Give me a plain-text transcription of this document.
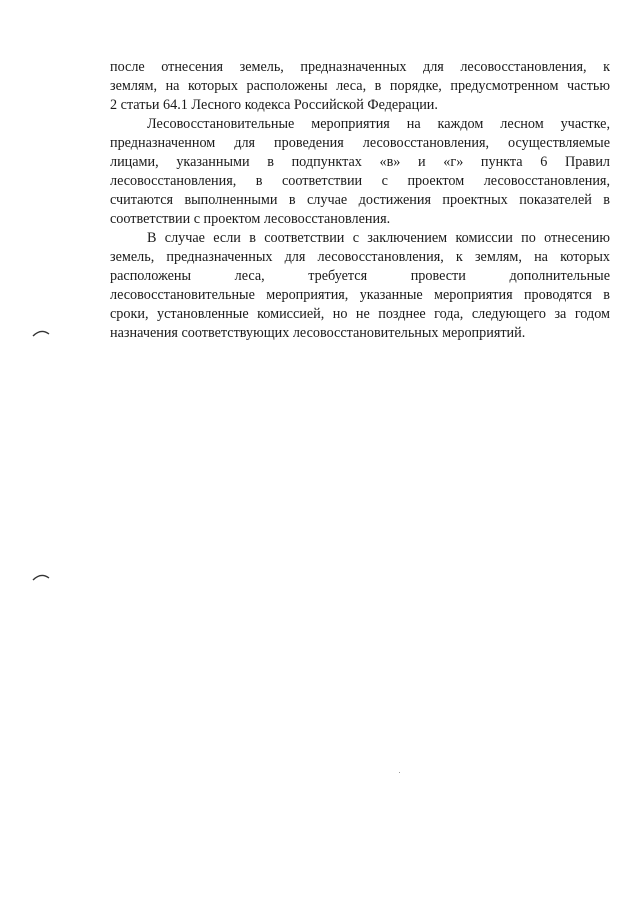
после отнесения земель, предназначенных для лесовосстановления, к
землям, на которых расположены леса, в порядке, предусмотренном частью
2 статьи 64.1 Лесного кодекса Российской Федерации.
Лесовосстановительные мероприятия на каждом лесном участке,
предназначенном для проведения лесовосстановления, осуществляемые
лицами, указанными в подпунктах «в» и «г» пункта 6 Правил
лесовосстановления, в соответствии с проектом лесовосстановления,
считаются выполненными в случае достижения проектных показателей в
соответствии с проектом лесовосстановления.
В случае если в соответствии с заключением комиссии по отнесению
земель, предназначенных для лесовосстановления, к землям, на которых
расположены леса, требуется провести дополнительные
лесовосстановительные мероприятия, указанные мероприятия проводятся в
сроки, установленные комиссией, но не позднее года, следующего за годом
назначения соответствующих лесовосстановительных мероприятий.
